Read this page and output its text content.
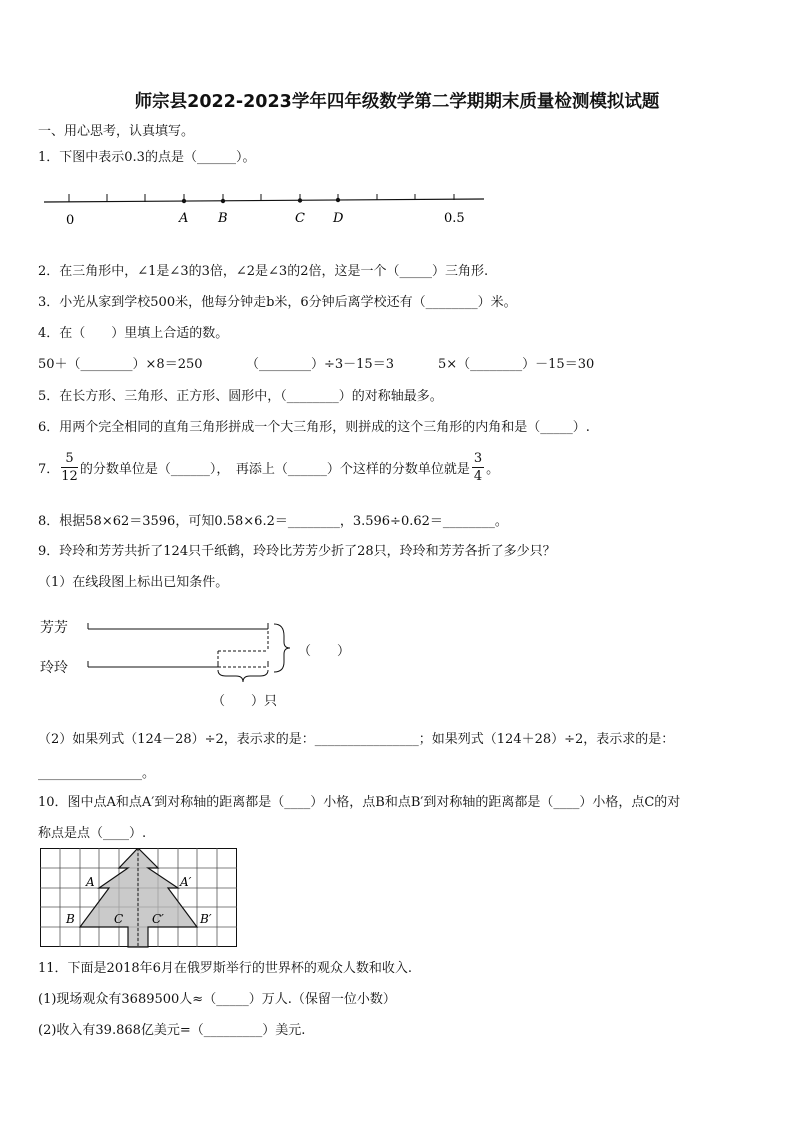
师宗县2022-2023学年四年级数学第二学期期末质量检测模拟试题
一、用心思考，认真填写。
1．下图中表示0.3的点是（______）。
0	A B	C D	0.5
2．在三角形中，∠1是∠3的3倍，∠2是∠3的2倍，这是一个（_____）三角形.
3．小光从家到学校500米，他每分钟走b米，6分钟后离学校还有（________）米。
4．在（　　）里填上合适的数。
50＋（________）×8＝250	（________）÷3－15＝3	5×（________）－15＝30
5．在长方形、三角形、正方形、圆形中，（________）的对称轴最多。
6．用两个完全相同的直角三角形拼成一个大三角形，则拼成的这个三角形的内角和是（_____）.
7． $\frac{5}{12}$ 的分数单位是（______），　再添上（______）个这样的分数单位就是 $\frac{3}{4}$ 。
8．根据58×62＝3596，可知0.58×6.2＝________，3.596÷0.62＝________。
9．玲玲和芳芳共折了124只千纸鹤，玲玲比芳芳少折了28只，玲玲和芳芳各折了多少只？
（1）在线段图上标出已知条件。
芳芳
玲玲
（　　）
（　　）只
（2）如果列式（124－28）÷2，表示求的是：________________；如果列式（124＋28）÷2，表示求的是：
________________。
10．图中点A和点A′到对称轴的距离都是（____）小格，点B和点B′到对称轴的距离都是（____）小格，点C的对
称点是点（____）.
A	A′
B	B′
C C′
11．下面是2018年6月在俄罗斯举行的世界杯的观众人数和收入.
(1)现场观众有3689500人≈（_____）万人.（保留一位小数）
(2)收入有39.868亿美元=（_________）美元.
